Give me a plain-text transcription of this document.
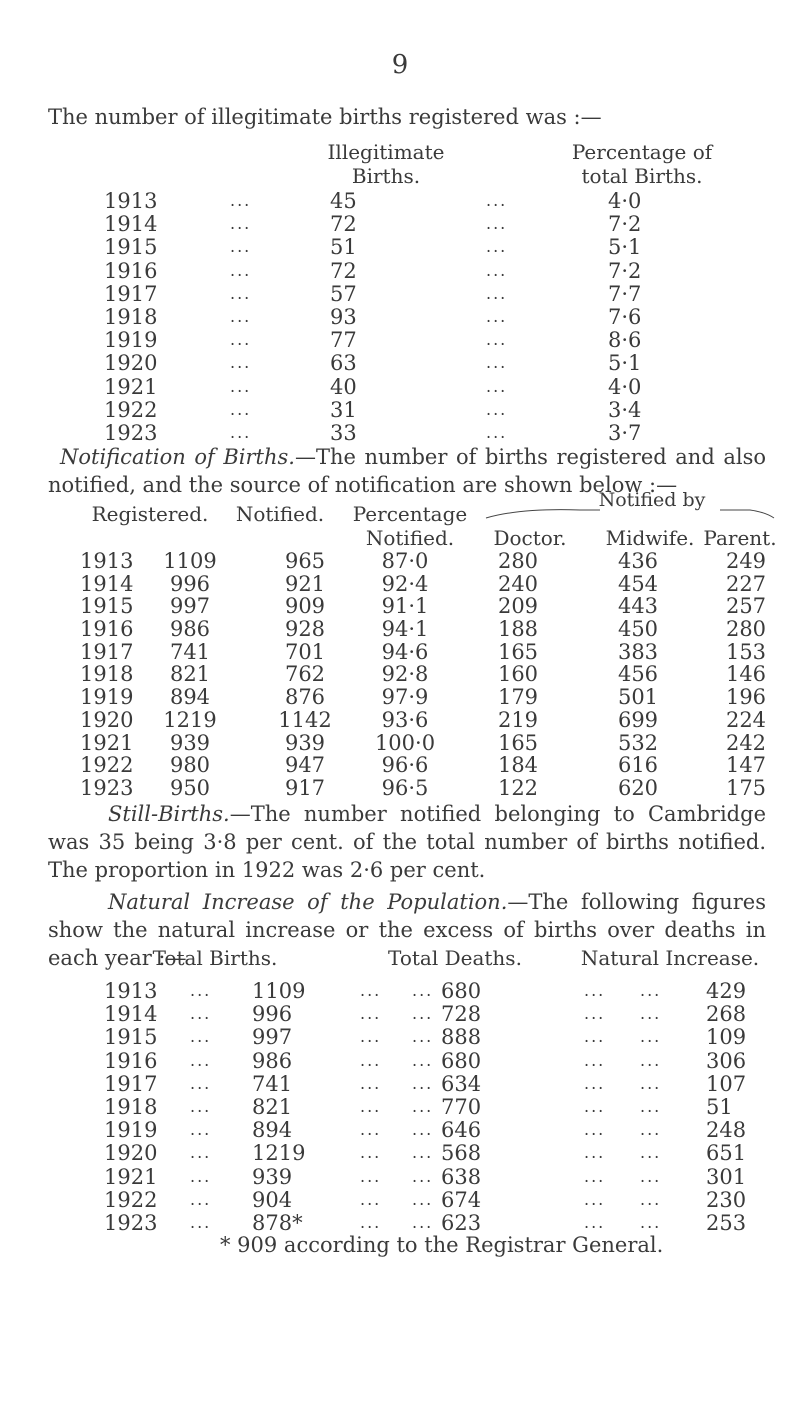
9
The number of illegitimate births registered was :—
Illegitimate
Births.
Percentage of
total Births.
1913	...	45	...	4·0
1914	...	72	...	7·2
1915	...	51	...	5·1
1916	...	72	...	7·2
1917	...	57	...	7·7
1918	...	93	...	7·6
1919	...	77	...	8·6
1920	...	63	...	5·1
1921	...	40	...	4·0
1922	...	31	...	3·4
1923	...	33	...	3·7
Notification of Births.—The number of births registered and also notified, and the source of notification are shown below :—
Registered.	Notified.	Percentage
Notified.
Notified by
Doctor.	Midwife. Parent.
1913	1109	965	87·0	280	436	249
1914	996	921	92·4	240	454	227
1915	997	909	91·1	209	443	257
1916	986	928	94·1	188	450	280
1917	741	701	94·6	165	383	153
1918	821	762	92·8	160	456	146
1919	894	876	97·9	179	501	196
1920	1219	1142	93·6	219	699	224
1921	939	939	100·0	165	532	242
1922	980	947	96·6	184	616	147
1923	950	917	96·5	122	620	175
Still-Births.—The number notified belonging to Cambridge was 35 being 3·8 per cent. of the total number of births notified. The proportion in 1922 was 2·6 per cent.
Natural Increase of the Population.—The following figures show the natural increase or the excess of births over deaths in each year :—
Total Births.	Total Deaths.	Natural Increase.
1913	... 1109	... ... 680	... ... 429
1914	... 996	... ... 728	... ... 268
1915	... 997	... ... 888	... ... 109
1916	... 986	... ... 680	... ... 306
1917	... 741	... ... 634	... ... 107
1918	... 821	... ... 770	... ... 51
1919	... 894	... ... 646	... ... 248
1920	... 1219	... ... 568	... ... 651
1921	... 939	... ... 638	... ... 301
1922	... 904	... ... 674	... ... 230
1923	... 878*	... ... 623	... ... 253
* 909 according to the Registrar General.
